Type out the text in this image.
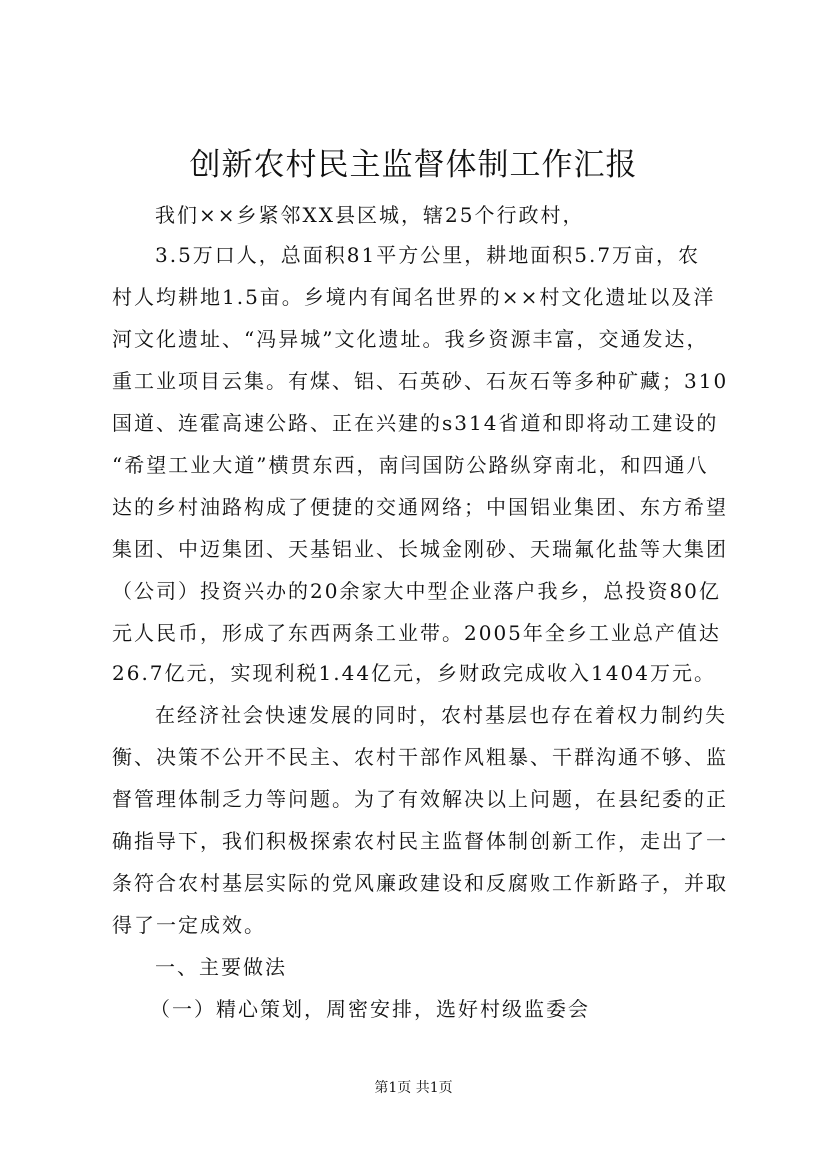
创新农村民主监督体制工作汇报
我们××乡紧邻XX县区城，辖25个行政村，
3.5万口人，总面积81平方公里，耕地面积5.7万亩，农
村人均耕地1.5亩。乡境内有闻名世界的××村文化遗址以及洋
河文化遗址、“冯异城”文化遗址。我乡资源丰富，交通发达，
重工业项目云集。有煤、铝、石英砂、石灰石等多种矿藏；310
国道、连霍高速公路、正在兴建的s314省道和即将动工建设的
“希望工业大道”横贯东西，南闫国防公路纵穿南北，和四通八
达的乡村油路构成了便捷的交通网络；中国铝业集团、东方希望
集团、中迈集团、天基铝业、长城金刚砂、天瑞氟化盐等大集团
（公司）投资兴办的20余家大中型企业落户我乡，总投资80亿
元人民币，形成了东西两条工业带。2005年全乡工业总产值达
26.7亿元，实现利税1.44亿元，乡财政完成收入1404万元。
在经济社会快速发展的同时，农村基层也存在着权力制约失
衡、决策不公开不民主、农村干部作风粗暴、干群沟通不够、监
督管理体制乏力等问题。为了有效解决以上问题，在县纪委的正
确指导下，我们积极探索农村民主监督体制创新工作，走出了一
条符合农村基层实际的党风廉政建设和反腐败工作新路子，并取
得了一定成效。
一、主要做法
（一）精心策划，周密安排，选好村级监委会
第1页 共1页
